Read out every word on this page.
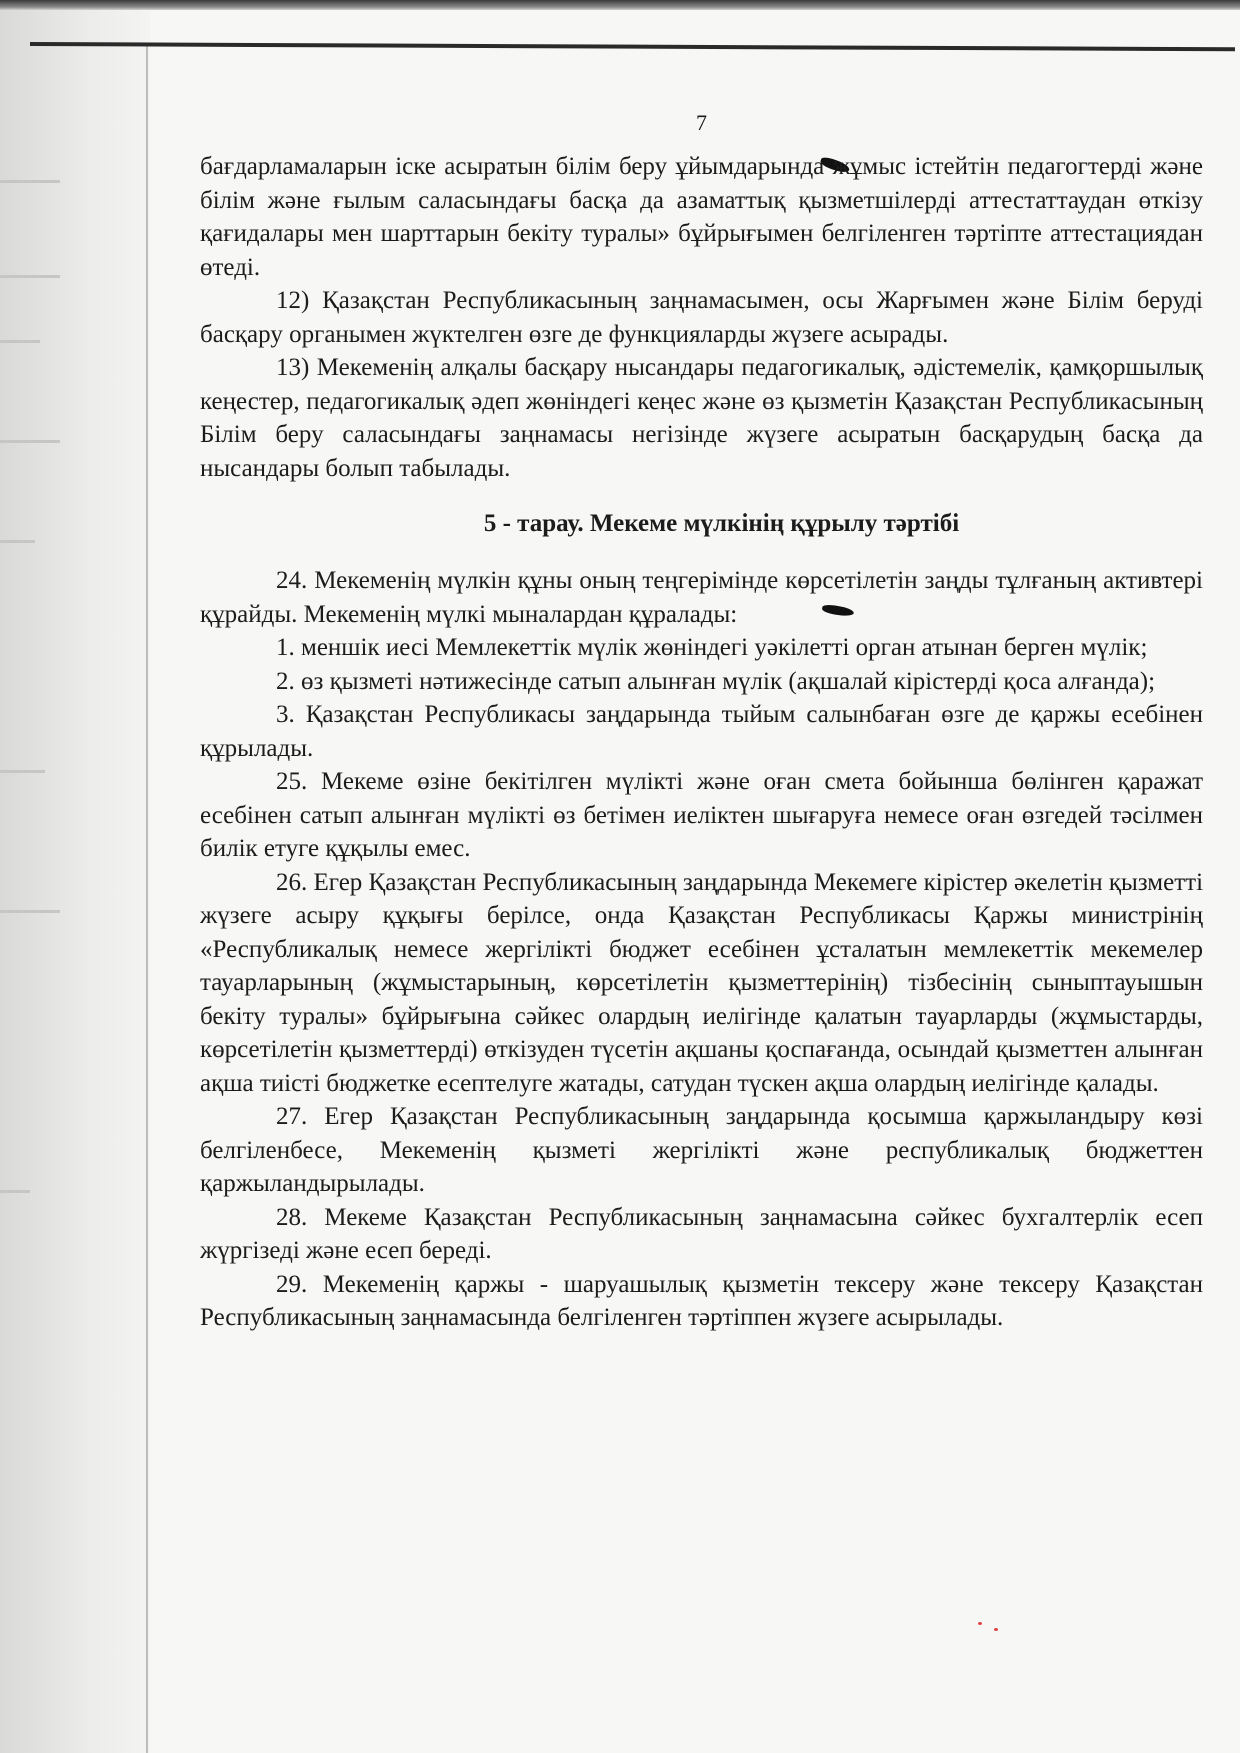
7

бағдарламаларын іске асыратын білім беру ұйымдарында жұмыс істейтін педагогтерді және білім және ғылым саласындағы басқа да азаматтық қызметшілерді аттестаттаудан өткізу қағидалары мен шарттарын бекіту туралы» бұйрығымен белгіленген тәртіпте аттестациядан өтеді.

12) Қазақстан Республикасының заңнамасымен, осы Жарғымен және Білім беруді басқару органымен жүктелген өзге де функцияларды жүзеге асырады.

13) Мекеменің алқалы басқару нысандары педагогикалық, әдістемелік, қамқоршылық кеңестер, педагогикалық әдеп жөніндегі кеңес және өз қызметін Қазақстан Республикасының Білім беру саласындағы заңнамасы негізінде жүзеге асыратын басқарудың басқа да нысандары болып табылады.

5 - тарау. Мекеме мүлкінің құрылу тәртібі

24. Мекеменің мүлкін құны оның теңгерімінде көрсетілетін заңды тұлғаның активтері құрайды. Мекеменің мүлкі мыналардан құралады:

1. меншік иесі Мемлекеттік мүлік жөніндегі уәкілетті орган атынан берген мүлік;

2. өз қызметі нәтижесінде сатып алынған мүлік (ақшалай кірістерді қоса алғанда);

3. Қазақстан Республикасы заңдарында тыйым салынбаған өзге де қаржы есебінен құрылады.

25. Мекеме өзіне бекітілген мүлікті және оған смета бойынша бөлінген қаражат есебінен сатып алынған мүлікті өз бетімен иеліктен шығаруға немесе оған өзгедей тәсілмен билік етуге құқылы емес.

26. Егер Қазақстан Республикасының заңдарында Мекемеге кірістер әкелетін қызметті жүзеге асыру құқығы берілсе, онда Қазақстан Республикасы Қаржы министрінің «Республикалық немесе жергілікті бюджет есебінен ұсталатын мемлекеттік мекемелер тауарларының (жұмыстарының, көрсетілетін қызметтерінің) тізбесінің сыныптауышын бекіту туралы» бұйрығына сәйкес олардың иелігінде қалатын тауарларды (жұмыстарды, көрсетілетін қызметтерді) өткізуден түсетін ақшаны қоспағанда, осындай қызметтен алынған ақша тиісті бюджетке есептелуге жатады, сатудан түскен ақша олардың иелігінде қалады.

27. Егер Қазақстан Республикасының заңдарында қосымша қаржыландыру көзі белгіленбесе, Мекеменің қызметі жергілікті және республикалық бюджеттен қаржыландырылады.

28. Мекеме Қазақстан Республикасының заңнамасына сәйкес бухгалтерлік есеп жүргізеді және есеп береді.

29. Мекеменің қаржы - шаруашылық қызметін тексеру және тексеру Қазақстан Республикасының заңнамасында белгіленген тәртіппен жүзеге асырылады.
